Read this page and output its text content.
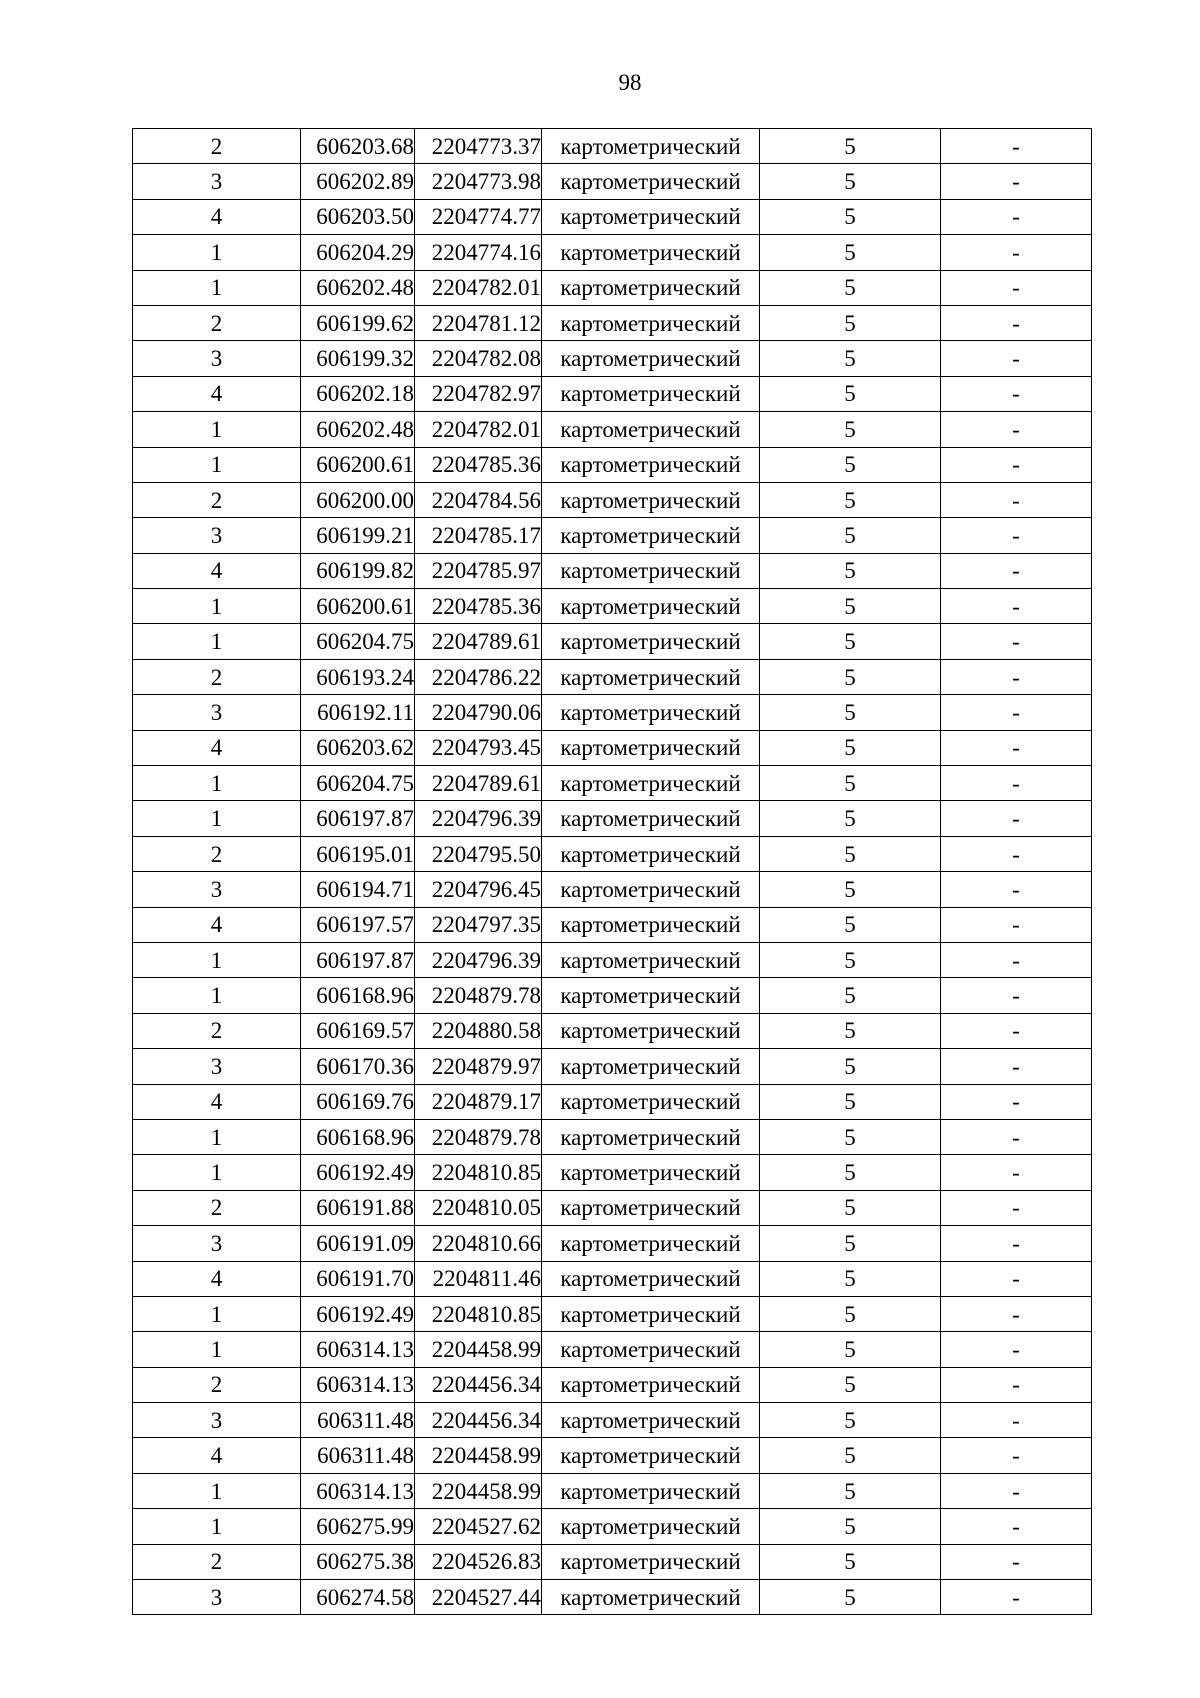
98
2	606203.68	2204773.37	картометрический	5	-
3	606202.89	2204773.98	картометрический	5	-
4	606203.50	2204774.77	картометрический	5	-
1	606204.29	2204774.16	картометрический	5	-
1	606202.48	2204782.01	картометрический	5	-
2	606199.62	2204781.12	картометрический	5	-
3	606199.32	2204782.08	картометрический	5	-
4	606202.18	2204782.97	картометрический	5	-
1	606202.48	2204782.01	картометрический	5	-
1	606200.61	2204785.36	картометрический	5	-
2	606200.00	2204784.56	картометрический	5	-
3	606199.21	2204785.17	картометрический	5	-
4	606199.82	2204785.97	картометрический	5	-
1	606200.61	2204785.36	картометрический	5	-
1	606204.75	2204789.61	картометрический	5	-
2	606193.24	2204786.22	картометрический	5	-
3	606192.11	2204790.06	картометрический	5	-
4	606203.62	2204793.45	картометрический	5	-
1	606204.75	2204789.61	картометрический	5	-
1	606197.87	2204796.39	картометрический	5	-
2	606195.01	2204795.50	картометрический	5	-
3	606194.71	2204796.45	картометрический	5	-
4	606197.57	2204797.35	картометрический	5	-
1	606197.87	2204796.39	картометрический	5	-
1	606168.96	2204879.78	картометрический	5	-
2	606169.57	2204880.58	картометрический	5	-
3	606170.36	2204879.97	картометрический	5	-
4	606169.76	2204879.17	картометрический	5	-
1	606168.96	2204879.78	картометрический	5	-
1	606192.49	2204810.85	картометрический	5	-
2	606191.88	2204810.05	картометрический	5	-
3	606191.09	2204810.66	картометрический	5	-
4	606191.70	2204811.46	картометрический	5	-
1	606192.49	2204810.85	картометрический	5	-
1	606314.13	2204458.99	картометрический	5	-
2	606314.13	2204456.34	картометрический	5	-
3	606311.48	2204456.34	картометрический	5	-
4	606311.48	2204458.99	картометрический	5	-
1	606314.13	2204458.99	картометрический	5	-
1	606275.99	2204527.62	картометрический	5	-
2	606275.38	2204526.83	картометрический	5	-
3	606274.58	2204527.44	картометрический	5	-
